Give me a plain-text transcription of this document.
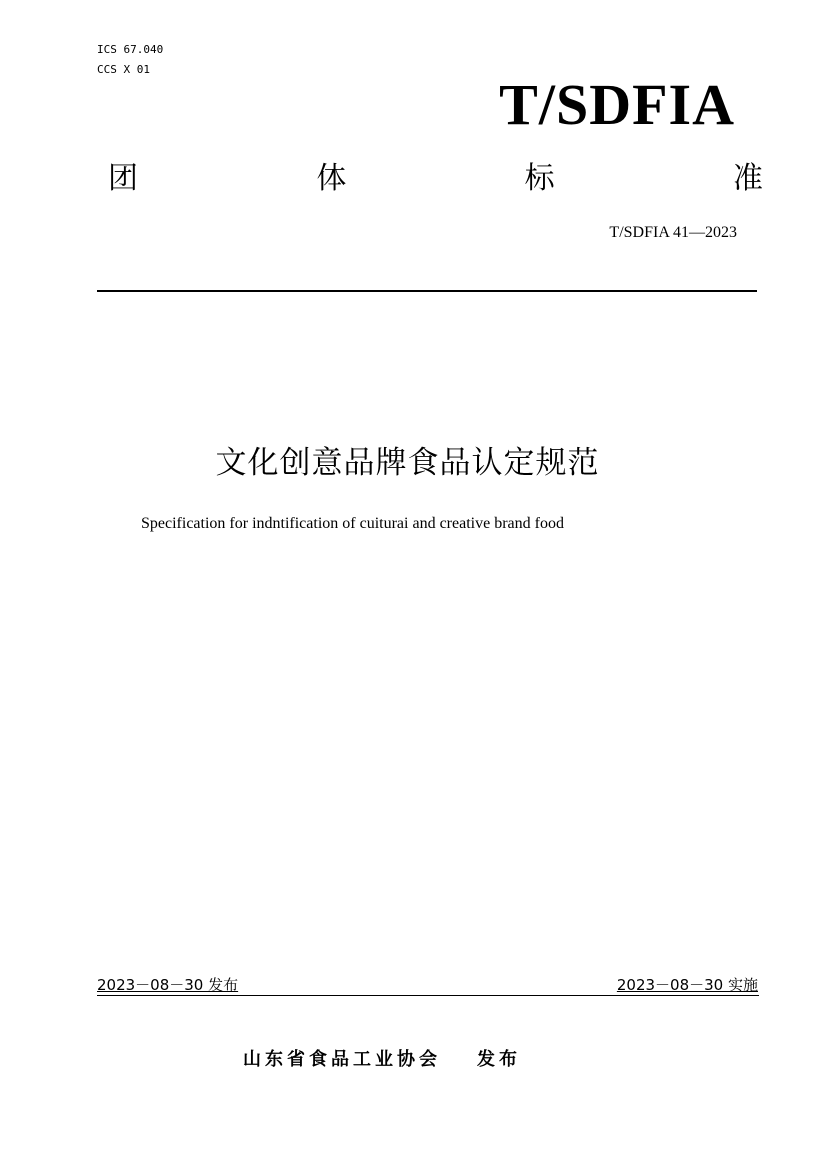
ICS 67.040
CCS X 01
T/SDFIA
团	体	标	准
T/SDFIA 41—2023
文化创意品牌食品认定规范
Specification for indntification of cuiturai and creative brand food
2023－08－30 发布	2023－08－30 实施
山东省食品工业协会 发布
